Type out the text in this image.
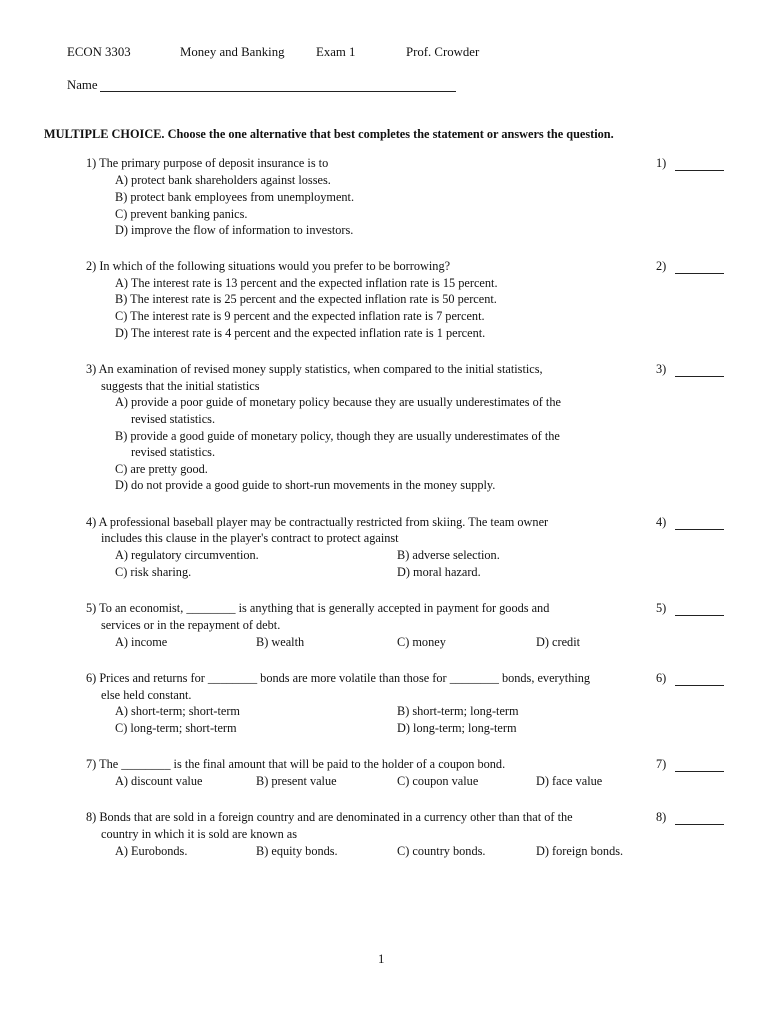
ECON 3303	Money and Banking Exam 1	Prof. Crowder
Name
MULTIPLE CHOICE. Choose the one alternative that best completes the statement or answers the question.
1) The primary purpose of deposit insurance is to
A) protect bank shareholders against losses.
B) protect bank employees from unemployment.
C) prevent banking panics.
D) improve the flow of information to investors.
1)
2) In which of the following situations would you prefer to be borrowing?
A) The interest rate is 13 percent and the expected inflation rate is 15 percent.
B) The interest rate is 25 percent and the expected inflation rate is 50 percent.
C) The interest rate is 9 percent and the expected inflation rate is 7 percent.
D) The interest rate is 4 percent and the expected inflation rate is 1 percent.
2)
3) An examination of revised money supply statistics, when compared to the initial statistics,
suggests that the initial statistics
A) provide a poor guide of monetary policy because they are usually underestimates of the
revised statistics.
B) provide a good guide of monetary policy, though they are usually underestimates of the
revised statistics.
C) are pretty good.
D) do not provide a good guide to short-run movements in the money supply.
3)
4) A professional baseball player may be contractually restricted from skiing. The team owner
includes this clause in the player's contract to protect against
A) regulatory circumvention.	B) adverse selection.
C) risk sharing.	D) moral hazard.
4)
5) To an economist, ________ is anything that is generally accepted in payment for goods and
services or in the repayment of debt.
A) income	B) wealth	C) money	D) credit
5)
6) Prices and returns for ________ bonds are more volatile than those for ________ bonds, everything
else held constant.
A) short-term; short-term	B) short-term; long-term
C) long-term; short-term	D) long-term; long-term
6)
7) The ________ is the final amount that will be paid to the holder of a coupon bond.
A) discount value	B) present value	C) coupon value	D) face value
7)
8) Bonds that are sold in a foreign country and are denominated in a currency other than that of the
country in which it is sold are known as
A) Eurobonds.	B) equity bonds.	C) country bonds.	D) foreign bonds.
8)
1
